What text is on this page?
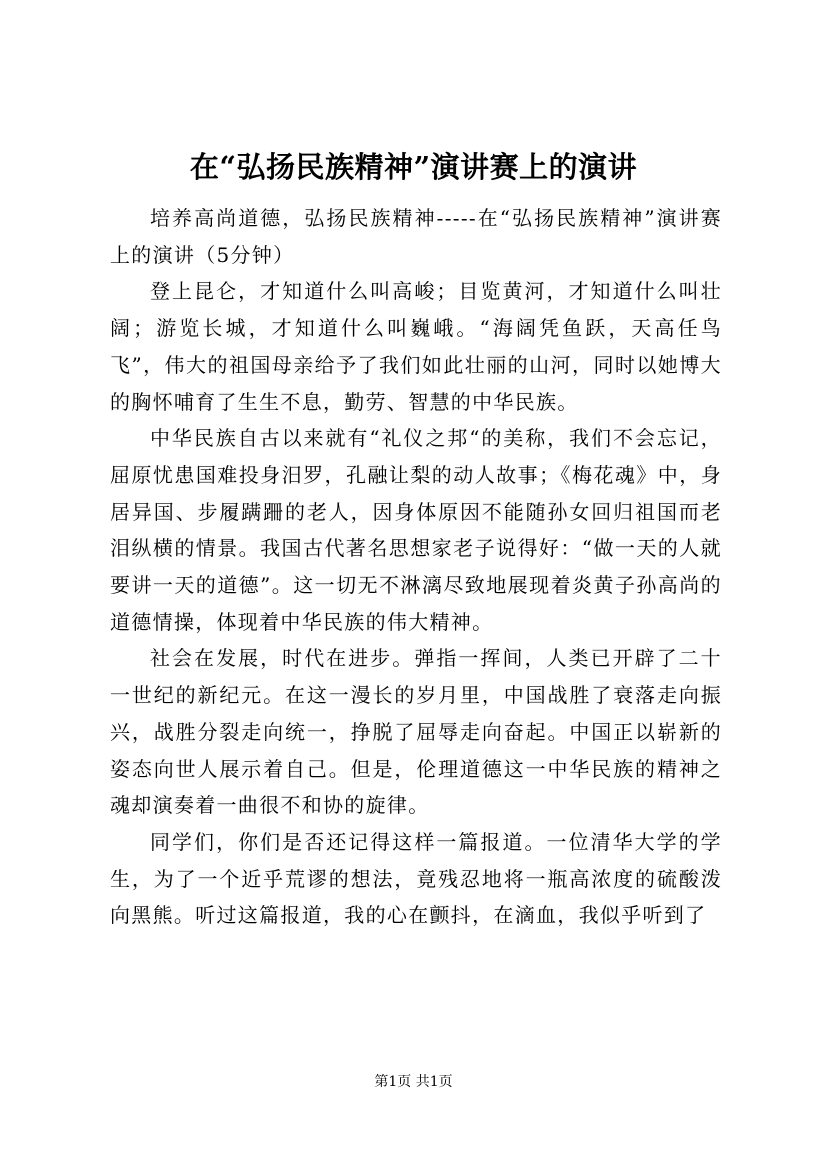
在“弘扬民族精神”演讲赛上的演讲

培养高尚道德，弘扬民族精神-----在“弘扬民族精神”演讲赛上的演讲（5分钟）

登上昆仑，才知道什么叫高峻；目览黄河，才知道什么叫壮阔；游览长城，才知道什么叫巍峨。“海阔凭鱼跃，天高任鸟飞”，伟大的祖国母亲给予了我们如此壮丽的山河，同时以她博大的胸怀哺育了生生不息，勤劳、智慧的中华民族。

中华民族自古以来就有“礼仪之邦“的美称，我们不会忘记，屈原忧患国难投身汨罗，孔融让梨的动人故事；《梅花魂》中，身居异国、步履蹒跚的老人，因身体原因不能随孙女回归祖国而老泪纵横的情景。我国古代著名思想家老子说得好：“做一天的人就要讲一天的道德”。这一切无不淋漓尽致地展现着炎黄子孙高尚的道德情操，体现着中华民族的伟大精神。

社会在发展，时代在进步。弹指一挥间，人类已开辟了二十一世纪的新纪元。在这一漫长的岁月里，中国战胜了衰落走向振兴，战胜分裂走向统一，挣脱了屈辱走向奋起。中国正以崭新的姿态向世人展示着自己。但是，伦理道德这一中华民族的精神之魂却演奏着一曲很不和协的旋律。

同学们，你们是否还记得这样一篇报道。一位清华大学的学生，为了一个近乎荒谬的想法，竟残忍地将一瓶高浓度的硫酸泼向黑熊。听过这篇报道，我的心在颤抖，在滴血，我似乎听到了

第1页 共1页
